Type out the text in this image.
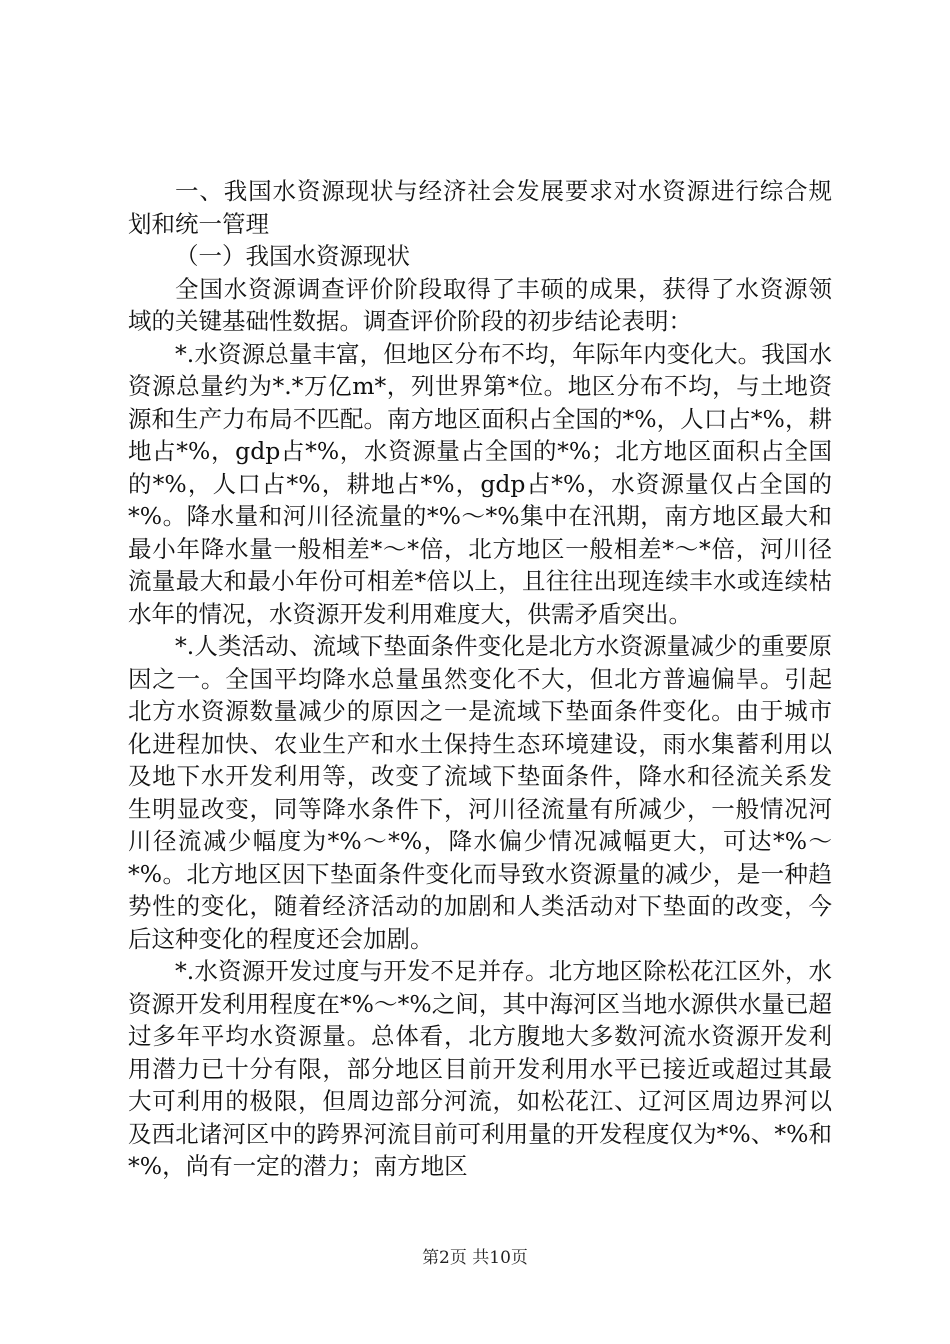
一、我国水资源现状与经济社会发展要求对水资源进行综合规划和统一管理

（一）我国水资源现状

全国水资源调查评价阶段取得了丰硕的成果，获得了水资源领域的关键基础性数据。调查评价阶段的初步结论表明：

*.水资源总量丰富，但地区分布不均，年际年内变化大。我国水资源总量约为*.*万亿m*，列世界第*位。地区分布不均，与土地资源和生产力布局不匹配。南方地区面积占全国的*%，人口占*%，耕地占*%，gdp占*%，水资源量占全国的*%；北方地区面积占全国的*%，人口占*%，耕地占*%，gdp占*%，水资源量仅占全国的*%。降水量和河川径流量的*%～*%集中在汛期，南方地区最大和最小年降水量一般相差*～*倍，北方地区一般相差*～*倍，河川径流量最大和最小年份可相差*倍以上，且往往出现连续丰水或连续枯水年的情况，水资源开发利用难度大，供需矛盾突出。

*.人类活动、流域下垫面条件变化是北方水资源量减少的重要原因之一。全国平均降水总量虽然变化不大，但北方普遍偏旱。引起北方水资源数量减少的原因之一是流域下垫面条件变化。由于城市化进程加快、农业生产和水土保持生态环境建设，雨水集蓄利用以及地下水开发利用等，改变了流域下垫面条件，降水和径流关系发生明显改变，同等降水条件下，河川径流量有所减少，一般情况河川径流减少幅度为*%～*%，降水偏少情况减幅更大，可达*%～*%。北方地区因下垫面条件变化而导致水资源量的减少，是一种趋势性的变化，随着经济活动的加剧和人类活动对下垫面的改变，今后这种变化的程度还会加剧。

*.水资源开发过度与开发不足并存。北方地区除松花江区外，水资源开发利用程度在*%～*%之间，其中海河区当地水源供水量已超过多年平均水资源量。总体看，北方腹地大多数河流水资源开发利用潜力已十分有限，部分地区目前开发利用水平已接近或超过其最大可利用的极限，但周边部分河流，如松花江、辽河区周边界河以及西北诸河区中的跨界河流目前可利用量的开发程度仅为*%、*%和*%，尚有一定的潜力；南方地区

第2页 共10页
